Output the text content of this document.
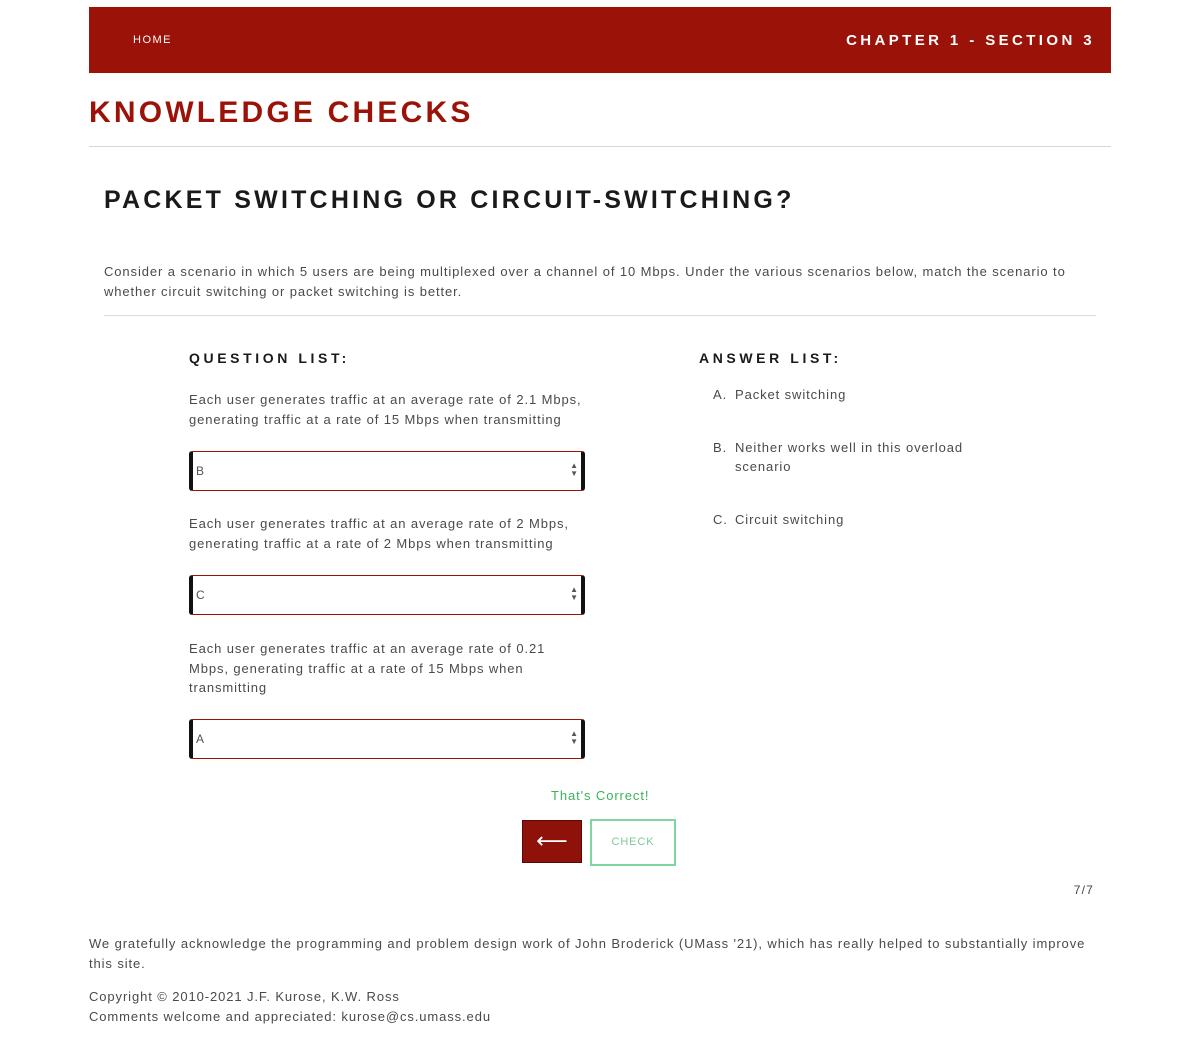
HOME	CHAPTER 1 - SECTION 3
KNOWLEDGE CHECKS
PACKET SWITCHING OR CIRCUIT-SWITCHING?

Consider a scenario in which 5 users are being multiplexed over a channel of 10 Mbps. Under the various scenarios below, match the scenario to whether circuit switching or packet switching is better.

QUESTION LIST:

Each user generates traffic at an average rate of 2.1 Mbps, generating traffic at a rate of 15 Mbps when transmitting

B	▲
▼

Each user generates traffic at an average rate of 2 Mbps, generating traffic at a rate of 2 Mbps when transmitting

C	▲
▼

Each user generates traffic at an average rate of 0.21 Mbps, generating traffic at a rate of 15 Mbps when transmitting

A	▲
▼
ANSWER LIST:
A. Packet switching
B. Neither works well in this overload scenario
C. Circuit switching
That's Correct!
⟵	CHECK
7/7

We gratefully acknowledge the programming and problem design work of John Broderick (UMass '21), which has really helped to substantially improve this site.

Copyright © 2010-2021 J.F. Kurose, K.W. Ross
Comments welcome and appreciated: kurose@cs.umass.edu
